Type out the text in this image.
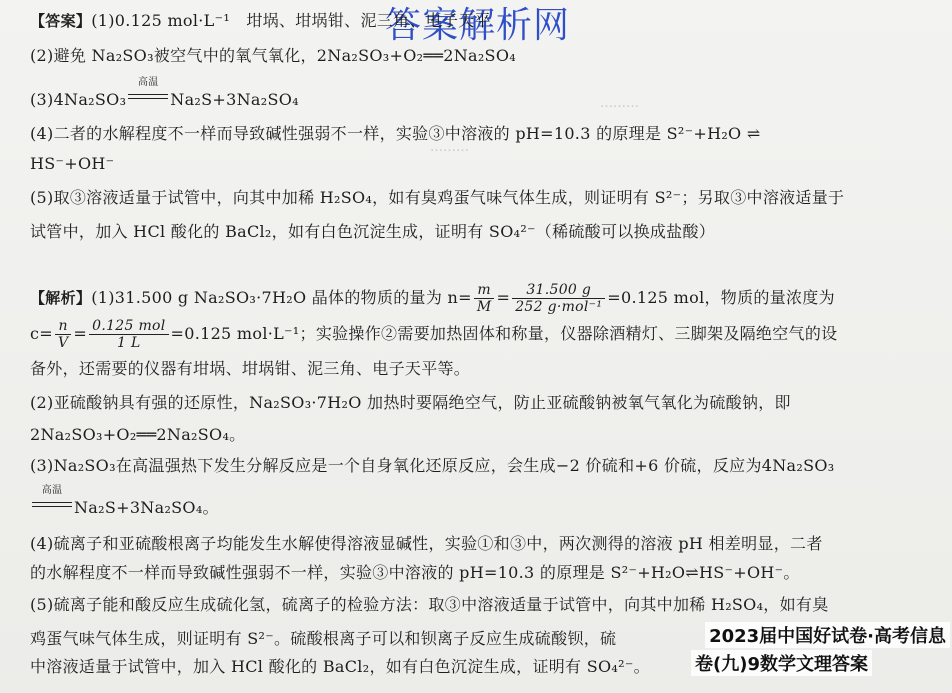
………
………
答案解析网
【答案】(1)0.125 mol·L⁻¹　坩埚、坩埚钳、泥三角、电子天平
(2)避免 Na₂SO₃被空气中的氧气氧化，2Na₂SO₃+O₂══2Na₂SO₄
(3)4Na₂SO₃
高温
Na₂S+3Na₂SO₄
(4)二者的水解程度不一样而导致碱性强弱不一样，实验③中溶液的 pH=10.3 的原理是 S²⁻+H₂O ⇌
HS⁻+OH⁻
(5)取③溶液适量于试管中，向其中加稀 H₂SO₄，如有臭鸡蛋气味气体生成，则证明有 S²⁻；另取③中溶液适量于
试管中，加入 HCl 酸化的 BaCl₂，如有白色沉淀生成，证明有 SO₄²⁻（稀硫酸可以换成盐酸）
【解析】(1)31.500 g Na₂SO₃·7H₂O 晶体的物质的量为 $n= \frac{m}{M} = \frac{31.500 g}{\text{252 g·mol⁻¹}} =0.125$ mol，物质的量浓度为
$c= \frac{n}{V} = \frac{\text{0.125 mol}}{1 L} =0.125$ mol·L⁻¹；实验操作②需要加热固体和称量，仪器除酒精灯、三脚架及隔绝空气的设
备外，还需要的仪器有坩埚、坩埚钳、泥三角、电子天平等。
(2)亚硫酸钠具有强的还原性，Na₂SO₃·7H₂O 加热时要隔绝空气，防止亚硫酸钠被氧气氧化为硫酸钠，即
2Na₂SO₃+O₂══2Na₂SO₄。
(3)Na₂SO₃在高温强热下发生分解反应是一个自身氧化还原反应，会生成−2 价硫和+6 价硫，反应为4Na₂SO₃
高温
Na₂S+3Na₂SO₄。
(4)硫离子和亚硫酸根离子均能发生水解使得溶液显碱性，实验①和③中，两次测得的溶液 pH 相差明显，二者
的水解程度不一样而导致碱性强弱不一样，实验③中溶液的 pH=10.3 的原理是 S²⁻+H₂O⇌HS⁻+OH⁻。
(5)硫离子能和酸反应生成硫化氢，硫离子的检验方法：取③中溶液适量于试管中，向其中加稀 H₂SO₄，如有臭
鸡蛋气味气体生成，则证明有 S²⁻。硫酸根离子可以和钡离子反应生成硫酸钡，硫
中溶液适量于试管中，加入 HCl 酸化的 BaCl₂，如有白色沉淀生成，证明有 SO₄²⁻。
2023届中国好试卷·高考信息
卷(九)9数学文理答案
